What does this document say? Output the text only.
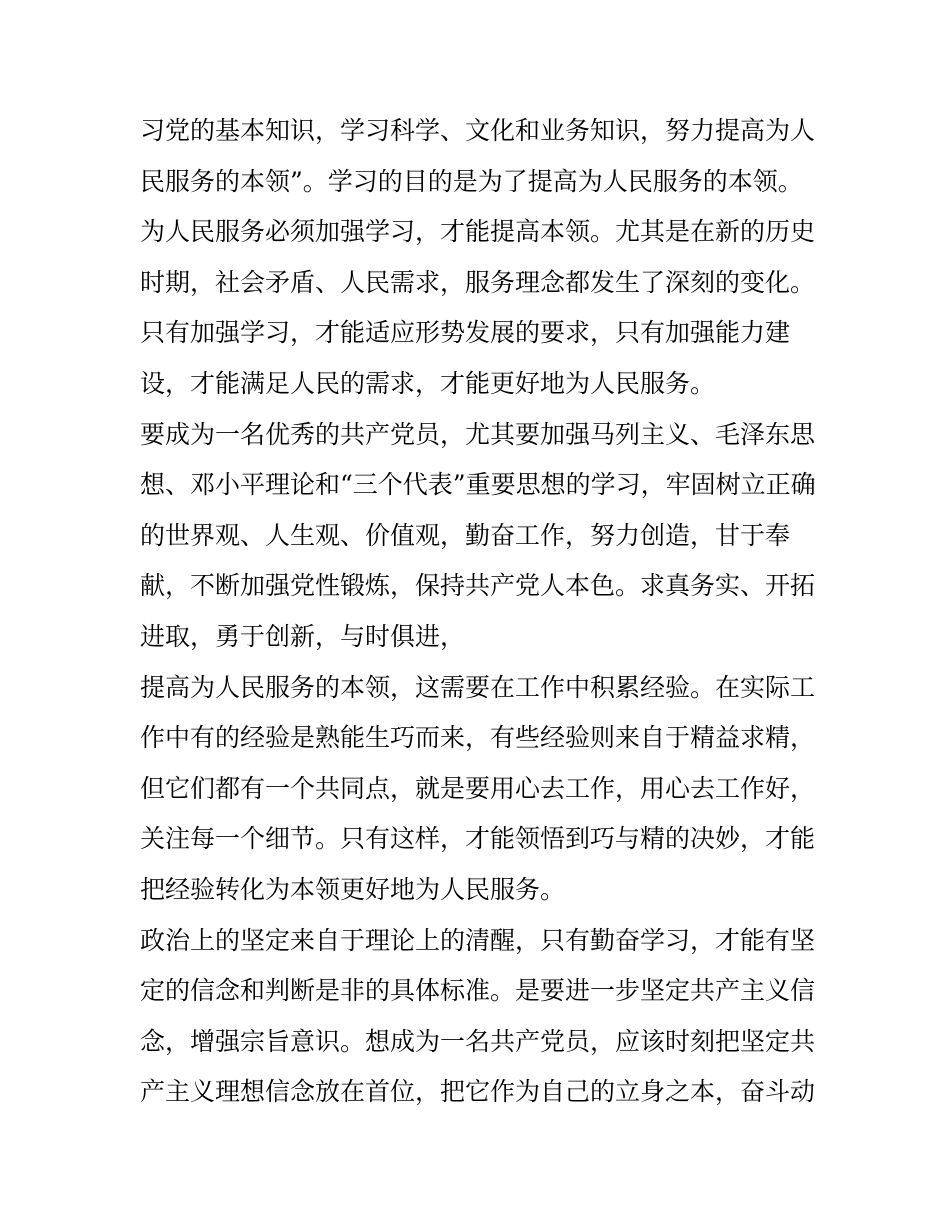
习党的基本知识，学习科学、文化和业务知识，努力提高为人
民服务的本领”。学习的目的是为了提高为人民服务的本领。
为人民服务必须加强学习，才能提高本领。尤其是在新的历史
时期，社会矛盾、人民需求，服务理念都发生了深刻的变化。
只有加强学习，才能适应形势发展的要求，只有加强能力建
设，才能满足人民的需求，才能更好地为人民服务。
要成为一名优秀的共产党员，尤其要加强马列主义、毛泽东思
想、邓小平理论和“三个代表”重要思想的学习，牢固树立正确
的世界观、人生观、价值观，勤奋工作，努力创造，甘于奉
献，不断加强党性锻炼，保持共产党人本色。求真务实、开拓
进取，勇于创新，与时俱进，
提高为人民服务的本领，这需要在工作中积累经验。在实际工
作中有的经验是熟能生巧而来，有些经验则来自于精益求精，
但它们都有一个共同点，就是要用心去工作，用心去工作好，
关注每一个细节。只有这样，才能领悟到巧与精的决妙，才能
把经验转化为本领更好地为人民服务。
政治上的坚定来自于理论上的清醒，只有勤奋学习，才能有坚
定的信念和判断是非的具体标准。是要进一步坚定共产主义信
念，增强宗旨意识。想成为一名共产党员，应该时刻把坚定共
产主义理想信念放在首位，把它作为自己的立身之本，奋斗动
